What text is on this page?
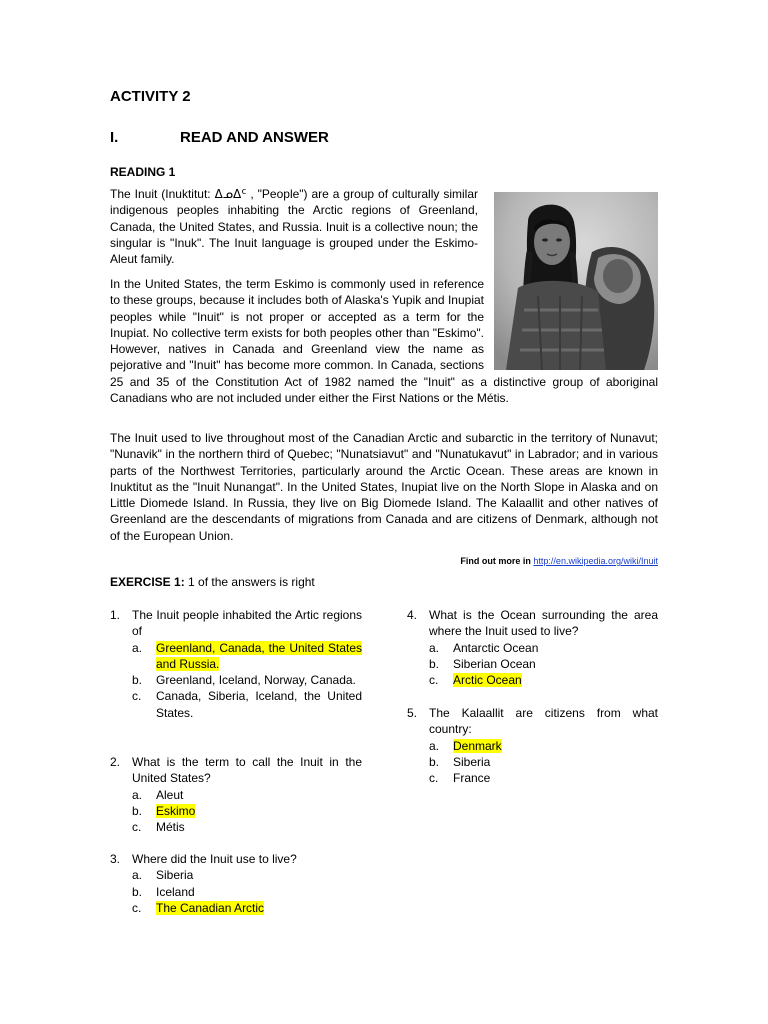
ACTIVITY 2
I.	READ AND ANSWER
READING 1

The Inuit (Inuktitut: ᐃᓄᐃᑦ , "People") are a group of culturally similar indigenous peoples inhabiting the Arctic regions of Greenland, Canada, the United States, and Russia. Inuit is a collective noun; the singular is "Inuk". The Inuit language is grouped under the Eskimo-Aleut family.

In the United States, the term Eskimo is commonly used in reference to these groups, because it includes both of Alaska's Yupik and Inupiat peoples while "Inuit" is not proper or accepted as a term for the Inupiat. No collective term exists for both peoples other than "Eskimo". However, natives in Canada and Greenland view the name as pejorative and "Inuit" has become more common. In Canada, sections 25 and 35 of the Constitution Act of 1982 named the "Inuit" as a distinctive group of aboriginal Canadians who are not included under either the First Nations or the Métis.

The Inuit used to live throughout most of the Canadian Arctic and subarctic in the territory of Nunavut; "Nunavik" in the northern third of Quebec; "Nunatsiavut" and "Nunatukavut" in Labrador; and in various parts of the Northwest Territories, particularly around the Arctic Ocean. These areas are known in Inuktitut as the "Inuit Nunangat". In the United States, Inupiat live on the North Slope in Alaska and on Little Diomede Island. In Russia, they live on Big Diomede Island. The Kalaallit and other natives of Greenland are the descendants of migrations from Canada and are citizens of Denmark, although not of the European Union.

Find out more in http://en.wikipedia.org/wiki/Inuit

EXERCISE 1: 1 of the answers is right

1. The Inuit people inhabited the Artic regions of
a. Greenland, Canada, the United States and Russia.
b. Greenland, Iceland, Norway, Canada.
c. Canada, Siberia, Iceland, the United States.
2. What is the term to call the Inuit in the United States?
a. Aleut
b. Eskimo
c. Métis
3. Where did the Inuit use to live?
a. Siberia
b. Iceland
c. The Canadian Arctic
4. What is the Ocean surrounding the area where the Inuit used to live?
a. Antarctic Ocean
b. Siberian Ocean
c. Arctic Ocean
5. The Kalaallit are citizens from what country:
a. Denmark
b. Siberia
c. France
